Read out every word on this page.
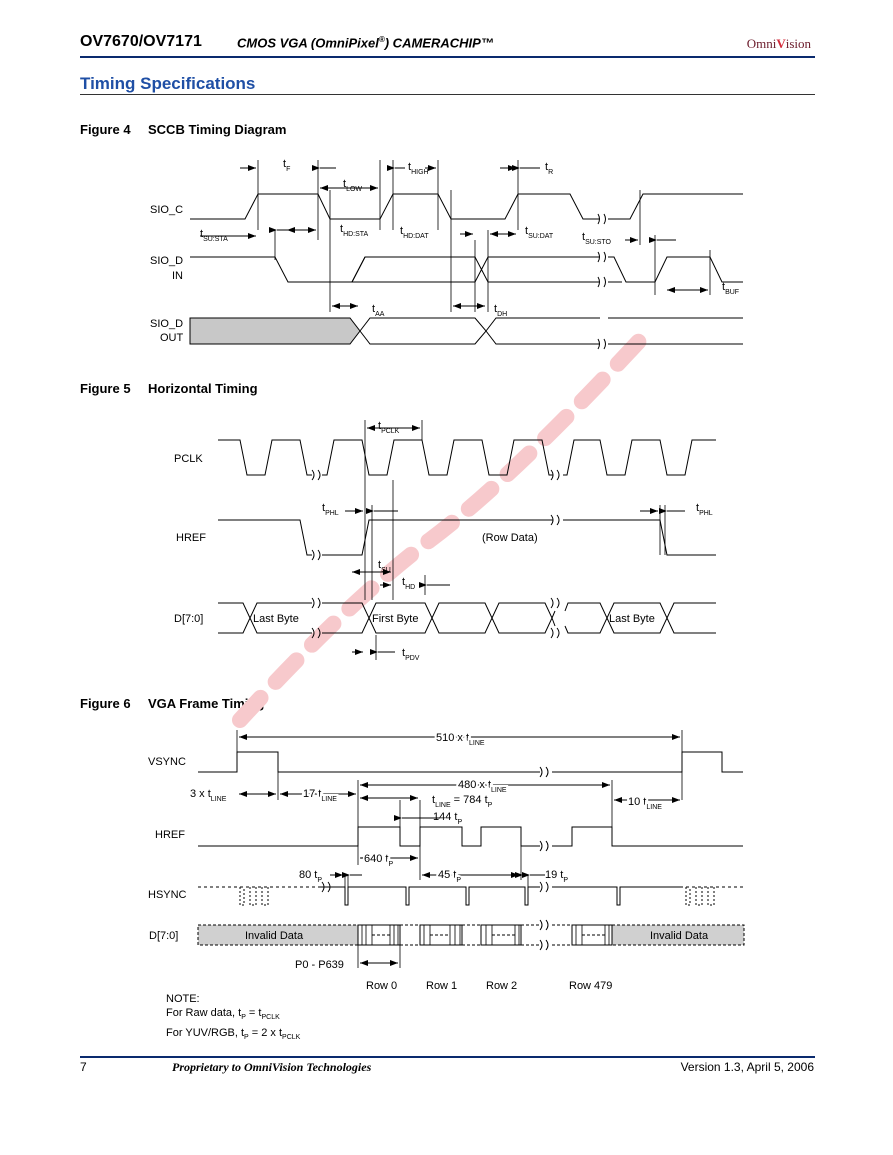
OV7670/OV7171	CMOS VGA (OmniPixel®) CAMERACHIP™	OmniVision
Timing Specifications
Figure 4 SCCB Timing Diagram
Figure 5 Horizontal Timing
Figure 6 VGA Frame Timing
SIO_C
SIO_D
IN
SIO_D
OUT
$t_F$
$t_{LOW}$
$t_{HIGH}$	$t_R$
$t_{SU:STA}$
$t_{HD:STA}$	$t_{HD:DAT}$	$t_{SU:DAT}$	$t_{SU:STO}$
$t_{BUF}$
$t_{AA}$	$t_{DH}$
PCLK
HREF
D[7:0]
(Row Data)
Last Byte	First Byte	Last Byte
$t_{PCLK}$
$t_{PHL}$	$t_{PHL}$
$t_{SU}$
$t_{HD}$
$t_{PDV}$
VSYNC
HREF
HSYNC
D[7:0]	Invalid Data	Invalid Data
P0 - P639
Row 0	Row 1	Row 2	Row 479
510 x $t_{LINE}$
480 x $t_{LINE}$
3 x $t_{LINE}$	17 $t_{LINE}$	$t_{LINE} = 784$ $t_P$	10 $t_{LINE}$
144 $t_P$
640 $t_P$
80 $t_P$	45 $t_P$	19 $t_P$
NOTE:
For Raw data, $t_P = t_{PCLK}$
For YUV/RGB, $t_P = 2$ x $t_{PCLK}$
7	Proprietary to OmniVision Technologies	Version 1.3, April 5, 2006
